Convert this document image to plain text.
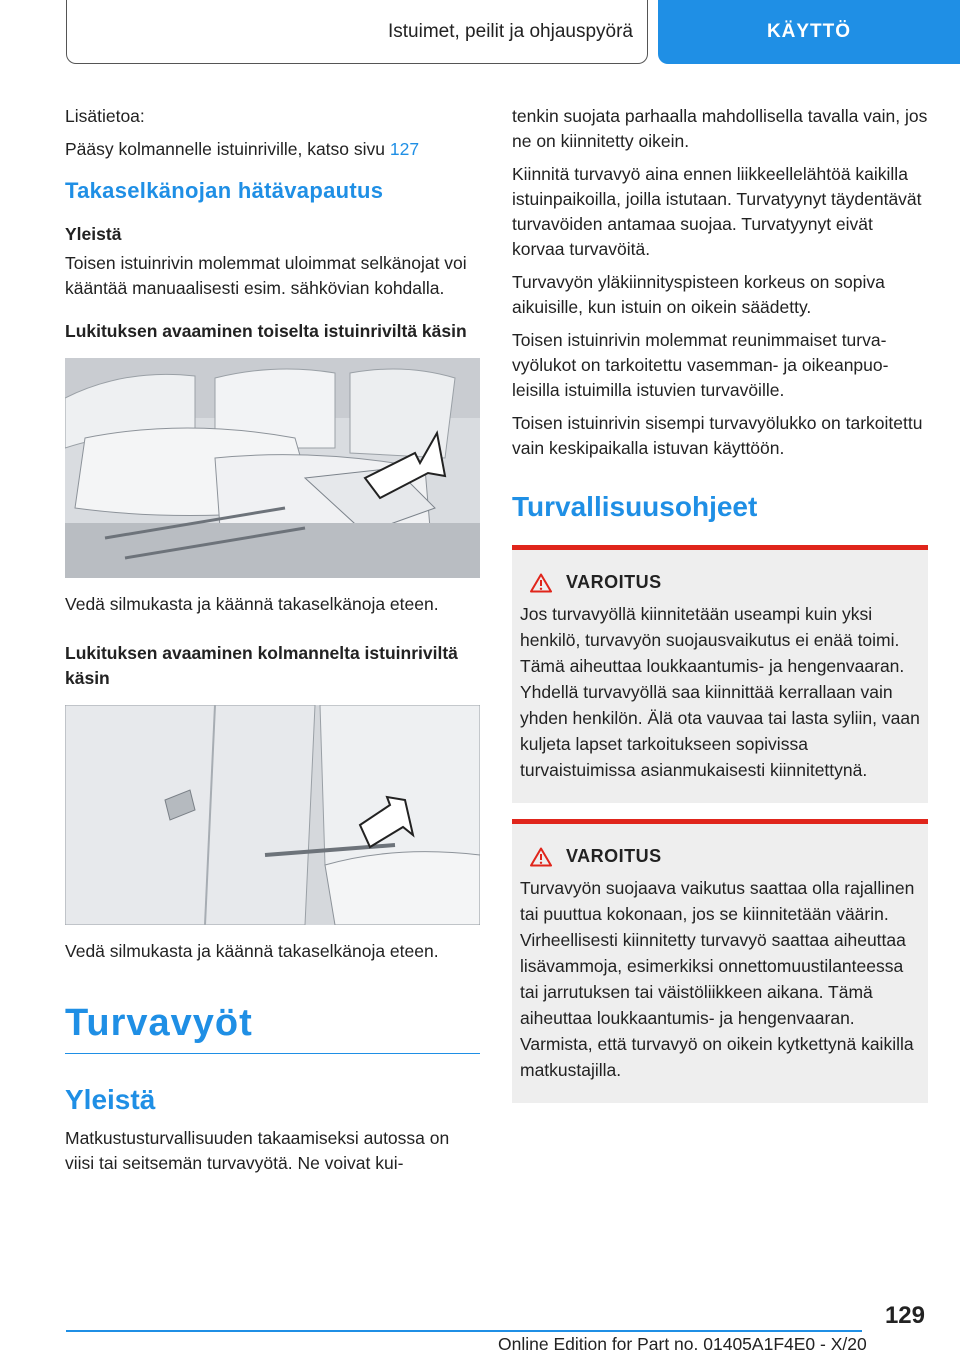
Istuimet, peilit ja ohjauspyörä	KÄYTTÖ

Lisätietoa:

Pääsy kolmannelle istuinriville, katso sivu 127

Takaselkänojan hätävapautus
Yleistä

Toisen istuinrivin molemmat uloimmat selkänojat voi kääntää manuaalisesti esim. sähkövian kohdalla.

Lukituksen avaaminen toiselta istuinriviltä käsin

Vedä silmukasta ja käännä takaselkänoja eteen.

Lukituksen avaaminen kolmannelta istuinriviltä käsin

Vedä silmukasta ja käännä takaselkänoja eteen.

Turvavyöt
Yleistä

Matkustusturvallisuuden takaamiseksi autossa on viisi tai seitsemän turvavyötä. Ne voivat kui-

tenkin suojata parhaalla mahdollisella tavalla vain, jos ne on kiinnitetty oikein.

Kiinnitä turvavyö aina ennen liikkeellelähtöä kaikilla istuinpaikoilla, joilla istutaan. Turvatyynyt täydentävät turvavöiden antamaa suojaa. Turvatyynyt eivät korvaa turvavöitä.

Turvavyön yläkiinnityspisteen korkeus on sopiva aikuisille, kun istuin on oikein säädetty.

Toisen istuinrivin molemmat reunimmaiset turvavyölukot on tarkoitettu vasemman- ja oikeanpuoleisilla istuimilla istuvien turvavöille.

Toisen istuinrivin sisempi turvavyölukko on tarkoitettu vain keskipaikalla istuvan käyttöön.

Turvallisuusohjeet
VAROITUS

Jos turvavyöllä kiinnitetään useampi kuin yksi henkilö, turvavyön suojausvaikutus ei enää toimi. Tämä aiheuttaa loukkaantumis- ja hengenvaaran. Yhdellä turvavyöllä saa kiinnittää kerrallaan vain yhden henkilön. Älä ota vauvaa tai lasta syliin, vaan kuljeta lapset tarkoitukseen sopivissa turvaistuimissa asianmukaisesti kiinnitettynä.

VAROITUS

Turvavyön suojaava vaikutus saattaa olla rajallinen tai puuttua kokonaan, jos se kiinnitetään väärin. Virheellisesti kiinnitetty turvavyö saattaa aiheuttaa lisävammoja, esimerkiksi onnettomuustilanteessa tai jarrutuksen tai väistöliikkeen aikana. Tämä aiheuttaa loukkaantumis- ja hengenvaaran. Varmista, että turvavyö on oikein kytkettynä kaikilla matkustajilla.

129
Online Edition for Part no. 01405A1F4E0 - X/20
